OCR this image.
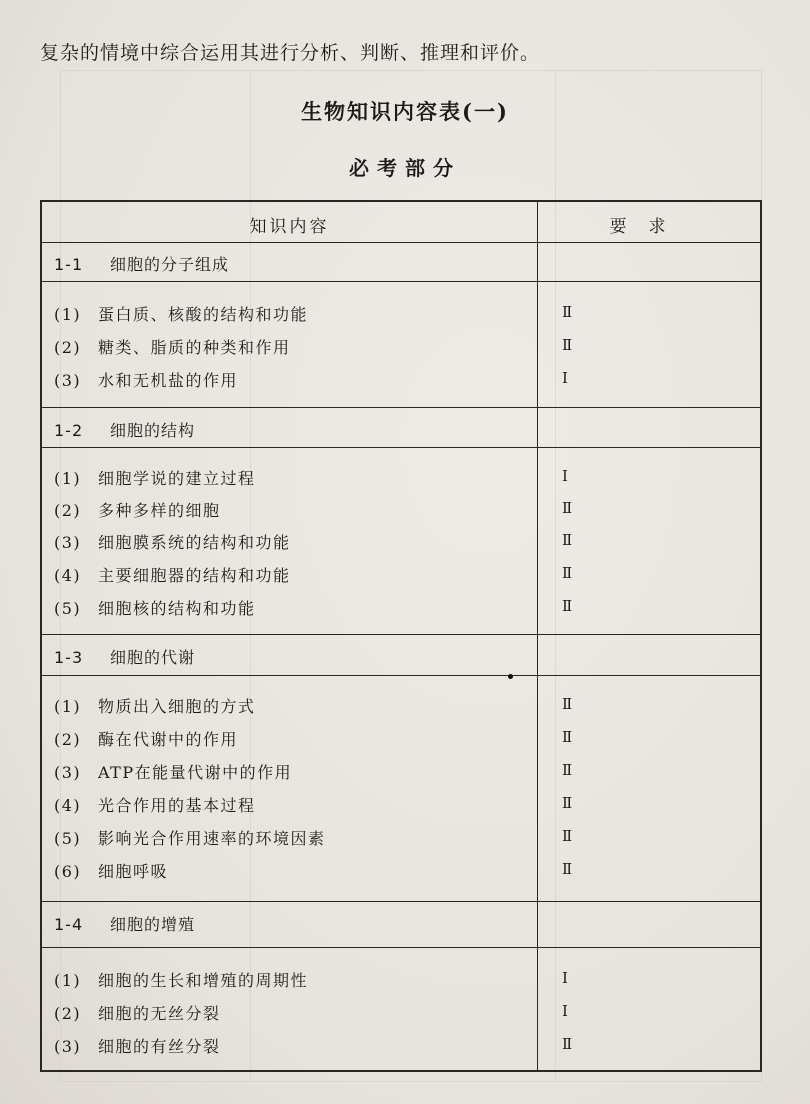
复杂的情境中综合运用其进行分析、判断、推理和评价。
生物知识内容表(一)
必考部分
知识内容	要求
1-1 细胞的分子组成
(1) 蛋白质、核酸的结构和功能	Ⅱ
(2) 糖类、脂质的种类和作用	Ⅱ
(3) 水和无机盐的作用	Ⅰ
1-2 细胞的结构
(1) 细胞学说的建立过程	Ⅰ
(2) 多种多样的细胞	Ⅱ
(3) 细胞膜系统的结构和功能	Ⅱ
(4) 主要细胞器的结构和功能	Ⅱ
(5) 细胞核的结构和功能	Ⅱ
1-3 细胞的代谢
(1) 物质出入细胞的方式	Ⅱ
(2) 酶在代谢中的作用	Ⅱ
(3) ATP在能量代谢中的作用	Ⅱ
(4) 光合作用的基本过程	Ⅱ
(5) 影响光合作用速率的环境因素	Ⅱ
(6) 细胞呼吸	Ⅱ
1-4 细胞的增殖
(1) 细胞的生长和增殖的周期性	Ⅰ
(2) 细胞的无丝分裂	Ⅰ
(3) 细胞的有丝分裂	Ⅱ
